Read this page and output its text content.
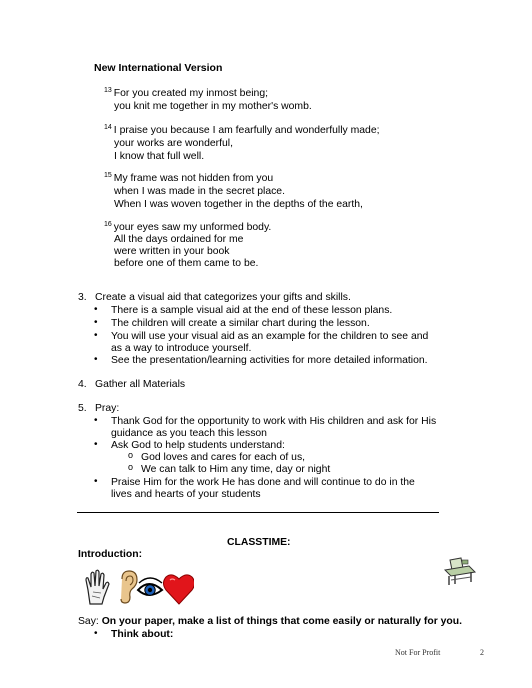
New International Version
$^{13}$ For you created my inmost being;
you knit me together in my mother's womb.
$^{14}$ I praise you because I am fearfully and wonderfully made;
your works are wonderful,
I know that full well.
$^{15}$ My frame was not hidden from you
when I was made in the secret place.
When I was woven together in the depths of the earth,
$^{16}$ your eyes saw my unformed body.
All the days ordained for me
were written in your book
before one of them came to be.
3. Create a visual aid that categorizes your gifts and skills.
• There is a sample visual aid at the end of these lesson plans.
• The children will create a similar chart during the lesson.
• You will use your visual aid as an example for the children to see and
as a way to introduce yourself.
• See the presentation/learning activities for more detailed information.
4. Gather all Materials
5. Pray:
• Thank God for the opportunity to work with His children and ask for His
guidance as you teach this lesson
• Ask God to help students understand:
o God loves and cares for each of us,
o We can talk to Him any time, day or night
• Praise Him for the work He has done and will continue to do in the
lives and hearts of your students
CLASSTIME:
Introduction:
Say: On your paper, make a list of things that come easily or naturally for you.
• Think about:
Not For Profit	2
